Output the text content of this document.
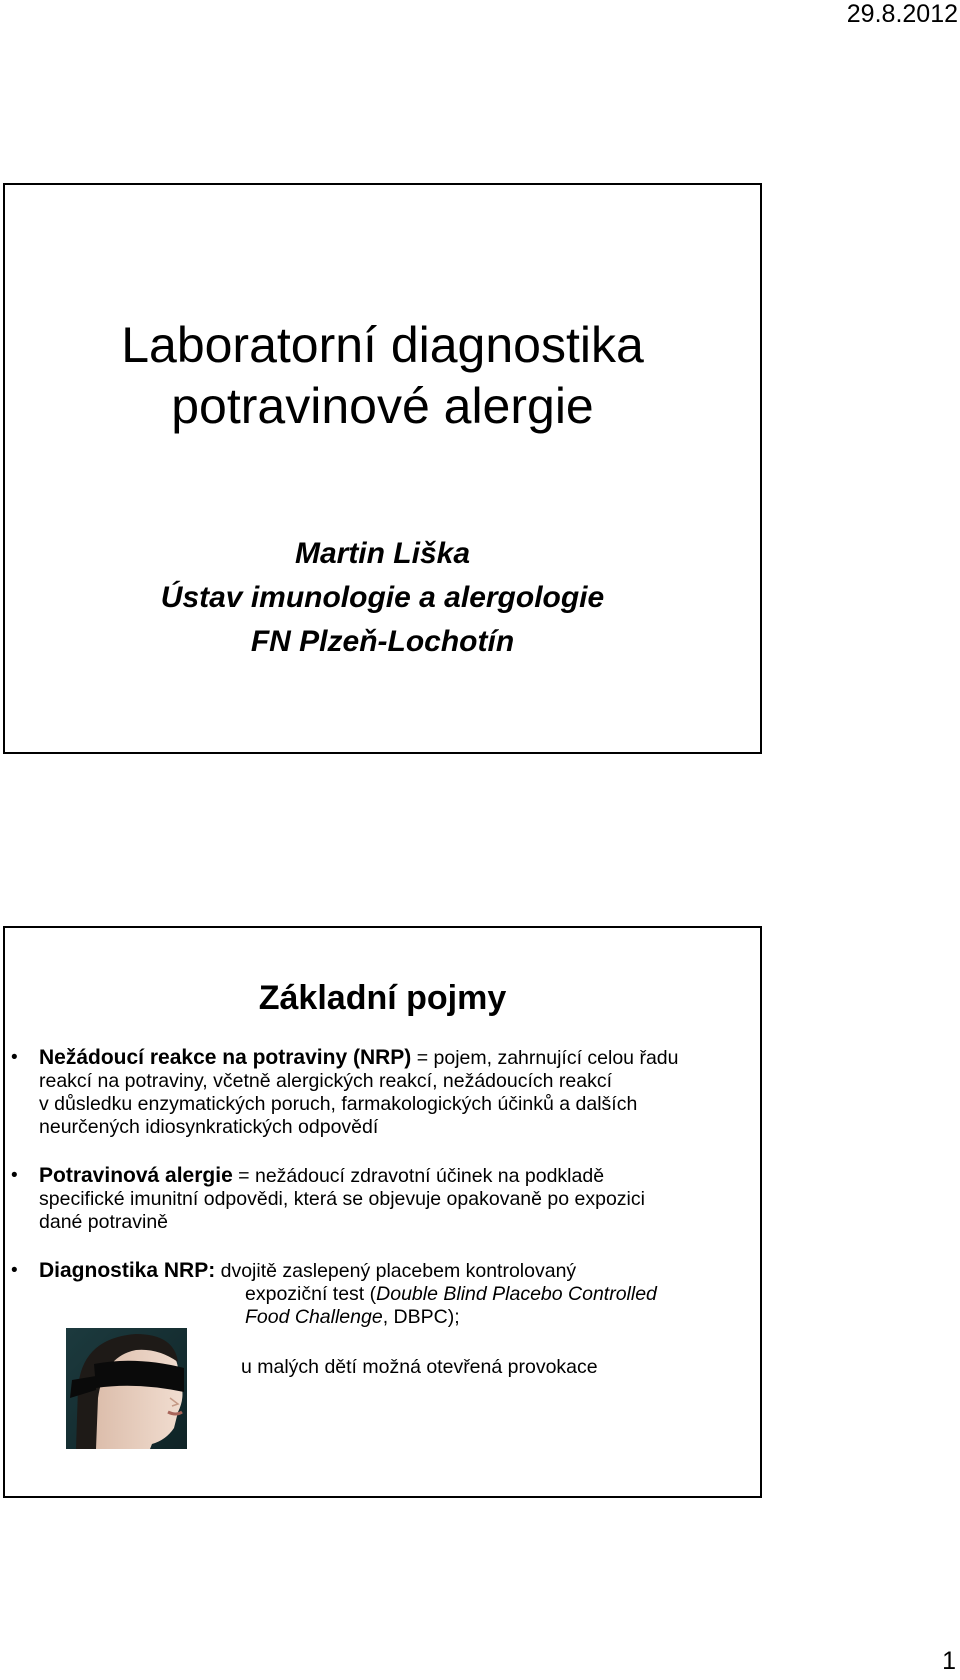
29.8.2012
Laboratorní diagnostika
potravinové alergie
Martin Liška
Ústav imunologie a alergologie
FN Plzeň-Lochotín
Základní pojmy
• Nežádoucí reakce na potraviny (NRP) = pojem, zahrnující celou řadu
reakcí na potraviny, včetně alergických reakcí, nežádoucích reakcí
v důsledku enzymatických poruch, farmakologických účinků a dalších
neurčených idiosynkratických odpovědí
• Potravinová alergie = nežádoucí zdravotní účinek na podkladě
specifické imunitní odpovědi, která se objevuje opakovaně po expozici
dané potravině
• Diagnostika NRP: dvojitě zaslepený placebem kontrolovaný
expoziční test (Double Blind Placebo Controlled
Food Challenge, DBPC);
u malých dětí možná otevřená provokace
1
